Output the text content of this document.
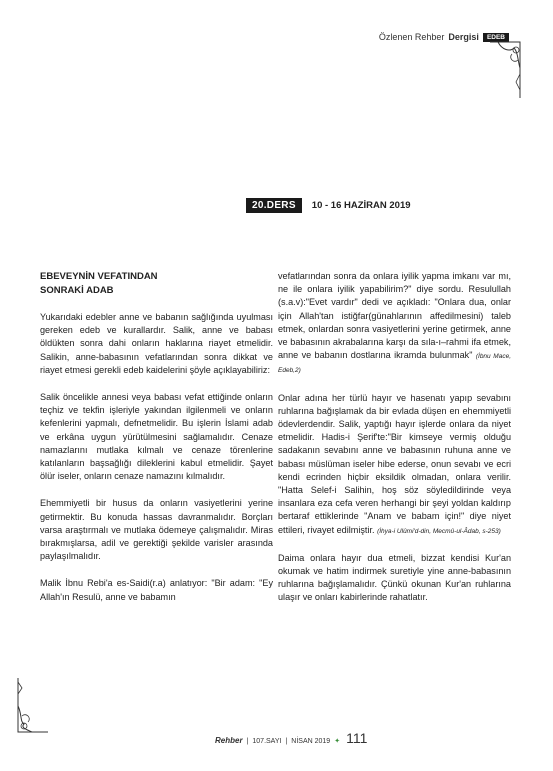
Özlenen Rehber Dergisi	EDEB
20.DERS	10 - 16 HAZİRAN 2019
EBEVEYNİN VEFATINDAN
SONRAKİ ADAB

Yukarıdaki edebler anne ve babanın sağlığında uyulması gereken edeb ve kurallardır. Salik, anne ve babası öldükten sonra dahi onların haklarına riayet etmelidir. Salikin, anne-babasının vefatlarından sonra dikkat ve riayet etmesi gerekli edeb kaidelerini şöyle açıklayabiliriz:

Salik öncelikle annesi veya babası vefat ettiğinde onların teçhiz ve tekfin işleriyle yakından ilgilenmeli ve onların kefenlerini yapmalı, defnetmelidir. Bu işlerin İslami adab ve erkâna uygun yürütülmesini sağlamalıdır. Cenaze namazlarını mutlaka kılmalı ve cenaze törenlerine katılanların başsağlığı dileklerini kabul etmelidir. Şayet ölür iseler, onların cenaze namazını kılmalıdır.

Ehemmiyetli bir husus da onların vasiyetlerini yerine getirmektir. Bu konuda hassas davranmalıdır. Borçları varsa araştırmalı ve mutlaka ödemeye çalışmalıdır. Miras bırakmışlarsa, adil ve gerektiği şekilde varisler arasında paylaşılmalıdır.

Malik İbnu Rebi'a es-Saidi(r.a) anlatıyor: "Bir adam: "Ey Allah'ın Resulü, anne ve babamın

vefatlarından sonra da onlara iyilik yapma imkanı var mı, ne ile onlara iyilik yapabilirim?" diye sordu. Resulullah (s.a.v):"Evet vardır" dedi ve açıkladı: "Onlara dua, onlar için Allah'tan istiğfar(günahlarının affedilmesini) taleb etmek, onlardan sonra vasiyetlerini yerine getirmek, anne ve babasının akrabalarına karşı da sıla-ı–rahmi ifa etmek, anne ve babanın dostlarına ikramda bulunmak" (İbnu Mace, Edeb,2)

Onlar adına her türlü hayır ve hasenatı yapıp sevabını ruhlarına bağışlamak da bir evlada düşen en ehemmiyetli ödevlerdendir. Salik, yaptığı hayır işlerde onlara da niyet etmelidir. Hadis-i Şerif'te:"Bir kimseye vermiş olduğu sadakanın sevabını anne ve babasının ruhuna anne ve babası müslüman iseler hibe ederse, onun sevabı ve ecri kendi ecrinden hiçbir eksildik olmadan, onlara verilir. "Hatta Selef-i Salihin, hoş söz söyledildirinde veya insanlara eza cefa veren herhangi bir şeyi yoldan kaldırıp bertaraf ettiklerinde "Anam ve babam için!" diye niyet ettileri, rivayet edilmiştir. (İhya-i Ulûmi'd-din, Mecmû-ul-Âdab, s-253)

Daima onlara hayır dua etmeli, bizzat kendisi Kur'an okumak ve hatim indirmek suretiyle yine anne-babasının ruhlarına bağışlamalıdır. Çünkü okunan Kur'an ruhlarına ulaşır ve onları kabirlerinde rahatlatır.

Rehber | 107.SAYI | NİSAN 2019 ✦ 111
